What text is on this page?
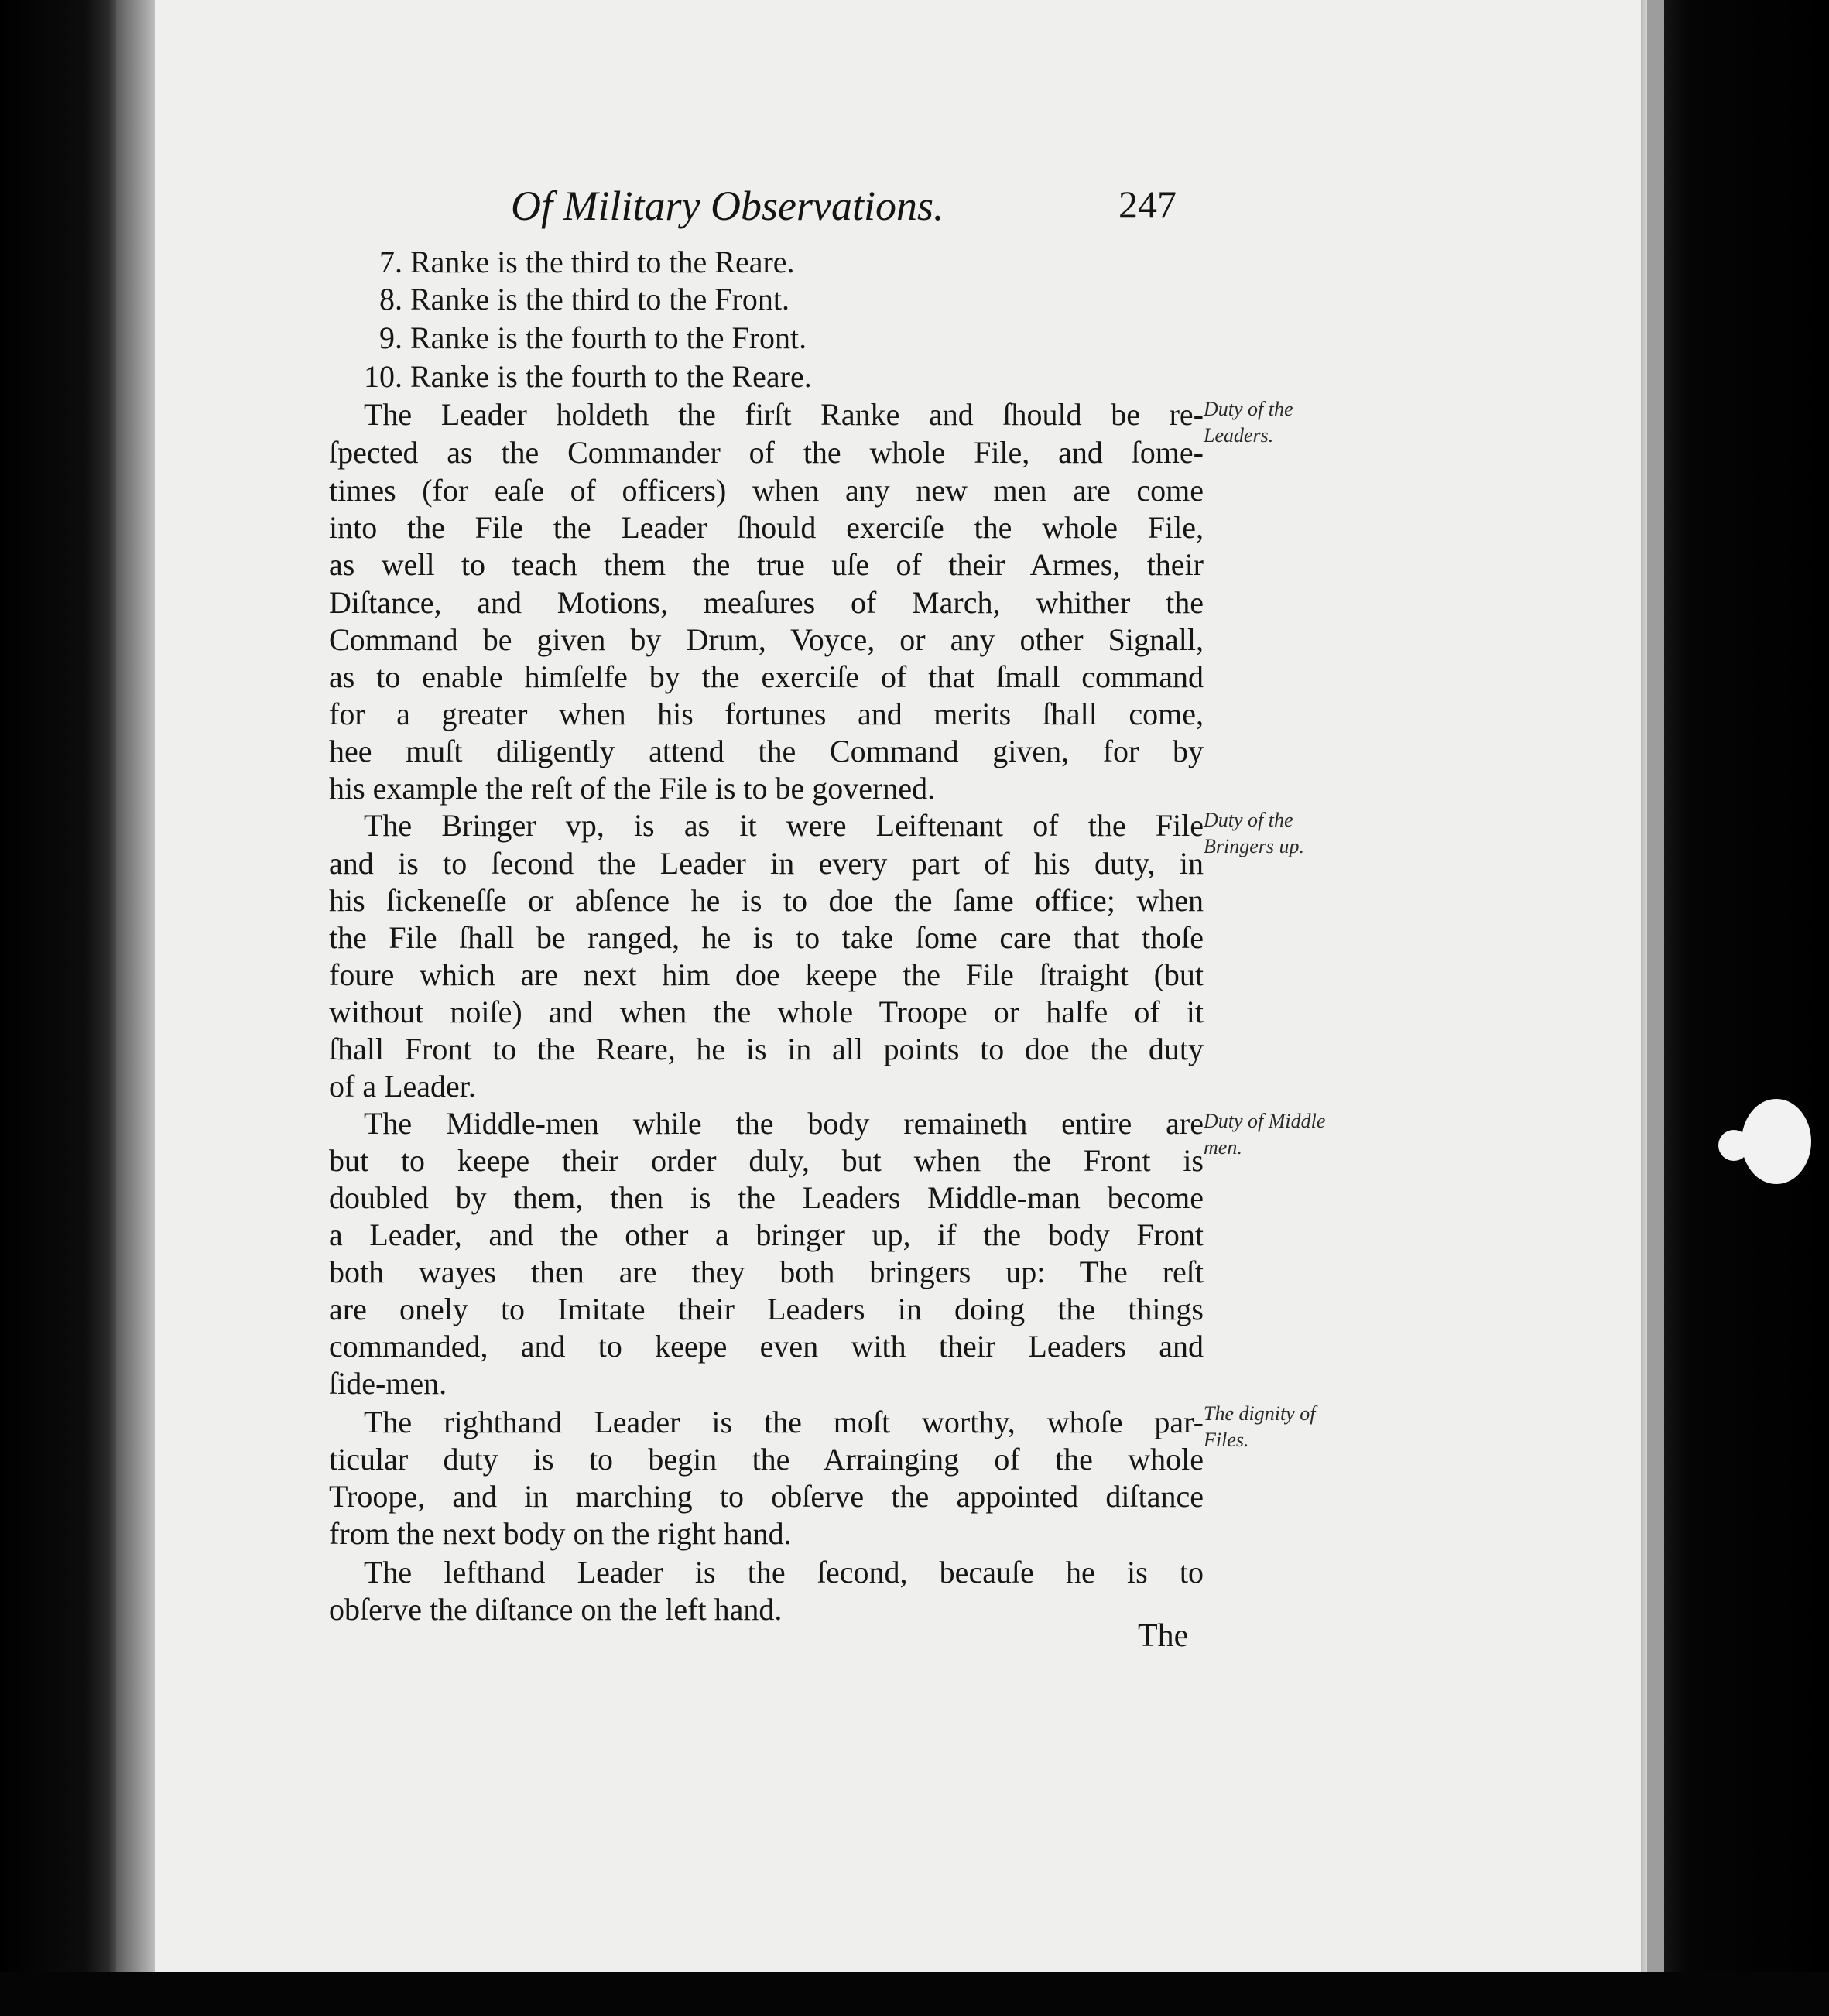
Of Military Observations.	247
7. Ranke is the third to the Reare.
8. Ranke is the third to the Front.
9. Ranke is the fourth to the Front.
10. Ranke is the fourth to the Reare.
The Leader holdeth the firſt Ranke and ſhould be re-
ſpected as the Commander of the whole File, and ſome-
times (for eaſe of officers) when any new men are come
into the File the Leader ſhould exerciſe the whole File,
as well to teach them the true uſe of their Armes, their
Diſtance, and Motions, meaſures of March, whither the
Command be given by Drum, Voyce, or any other Signall,
as to enable himſelfe by the exerciſe of that ſmall command
for a greater when his fortunes and merits ſhall come,
hee muſt diligently attend the Command given, for by
his example the reſt of the File is to be governed.
The Bringer vp, is as it were Leiftenant of the File
and is to ſecond the Leader in every part of his duty, in
his ſickeneſſe or abſence he is to doe the ſame office; when
the File ſhall be ranged, he is to take ſome care that thoſe
foure which are next him doe keepe the File ſtraight (but
without noiſe) and when the whole Troope or halfe of it
ſhall Front to the Reare, he is in all points to doe the duty
of a Leader.
The Middle-men while the body remaineth entire are
but to keepe their order duly, but when the Front is
doubled by them, then is the Leaders Middle-man become
a Leader, and the other a bringer up, if the body Front
both wayes then are they both bringers up: The reſt
are onely to Imitate their Leaders in doing the things
commanded, and to keepe even with their Leaders and
ſide-men.
The righthand Leader is the moſt worthy, whoſe par-
ticular duty is to begin the Arrainging of the whole
Troope, and in marching to obſerve the appointed diſtance
from the next body on the right hand.
The lefthand Leader is the ſecond, becauſe he is to
obſerve the diſtance on the left hand.
The
Duty of the
Leaders.
Duty of the
Bringers up.
Duty of Middle
men.
The dignity of
Files.
